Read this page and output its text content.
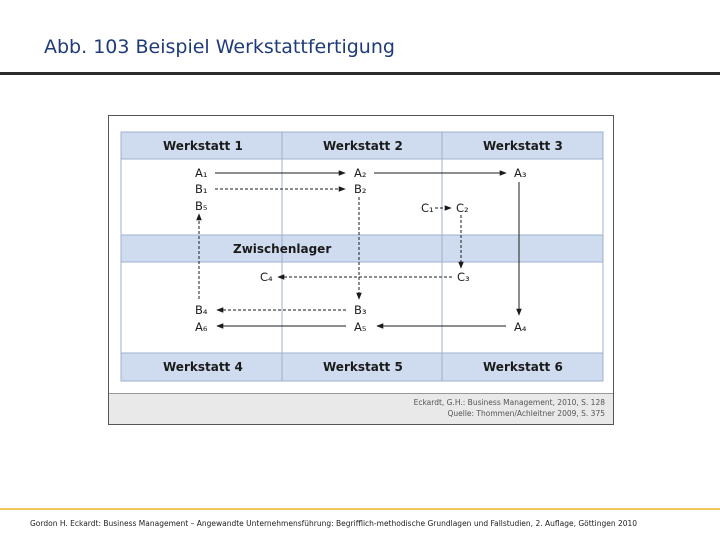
Abb. 103 Beispiel Werkstattfertigung
Werkstatt 1	Werkstatt 2	Werkstatt 3
Zwischenlager
Werkstatt 4	Werkstatt 5	Werkstatt 6
A₁
B₁
B₅
A₂
B₂
A₃
C₁ C₂
C₄	C₃
B₄
A₆
B₃
A₅	A₄
Eckardt, G.H.: Business Management, 2010, S. 128
Quelle: Thommen/Achleitner 2009, S. 375
Gordon H. Eckardt: Business Management – Angewandte Unternehmensführung: Begrifflich-methodische Grundlagen und Fallstudien, 2. Auflage, Göttingen 2010
